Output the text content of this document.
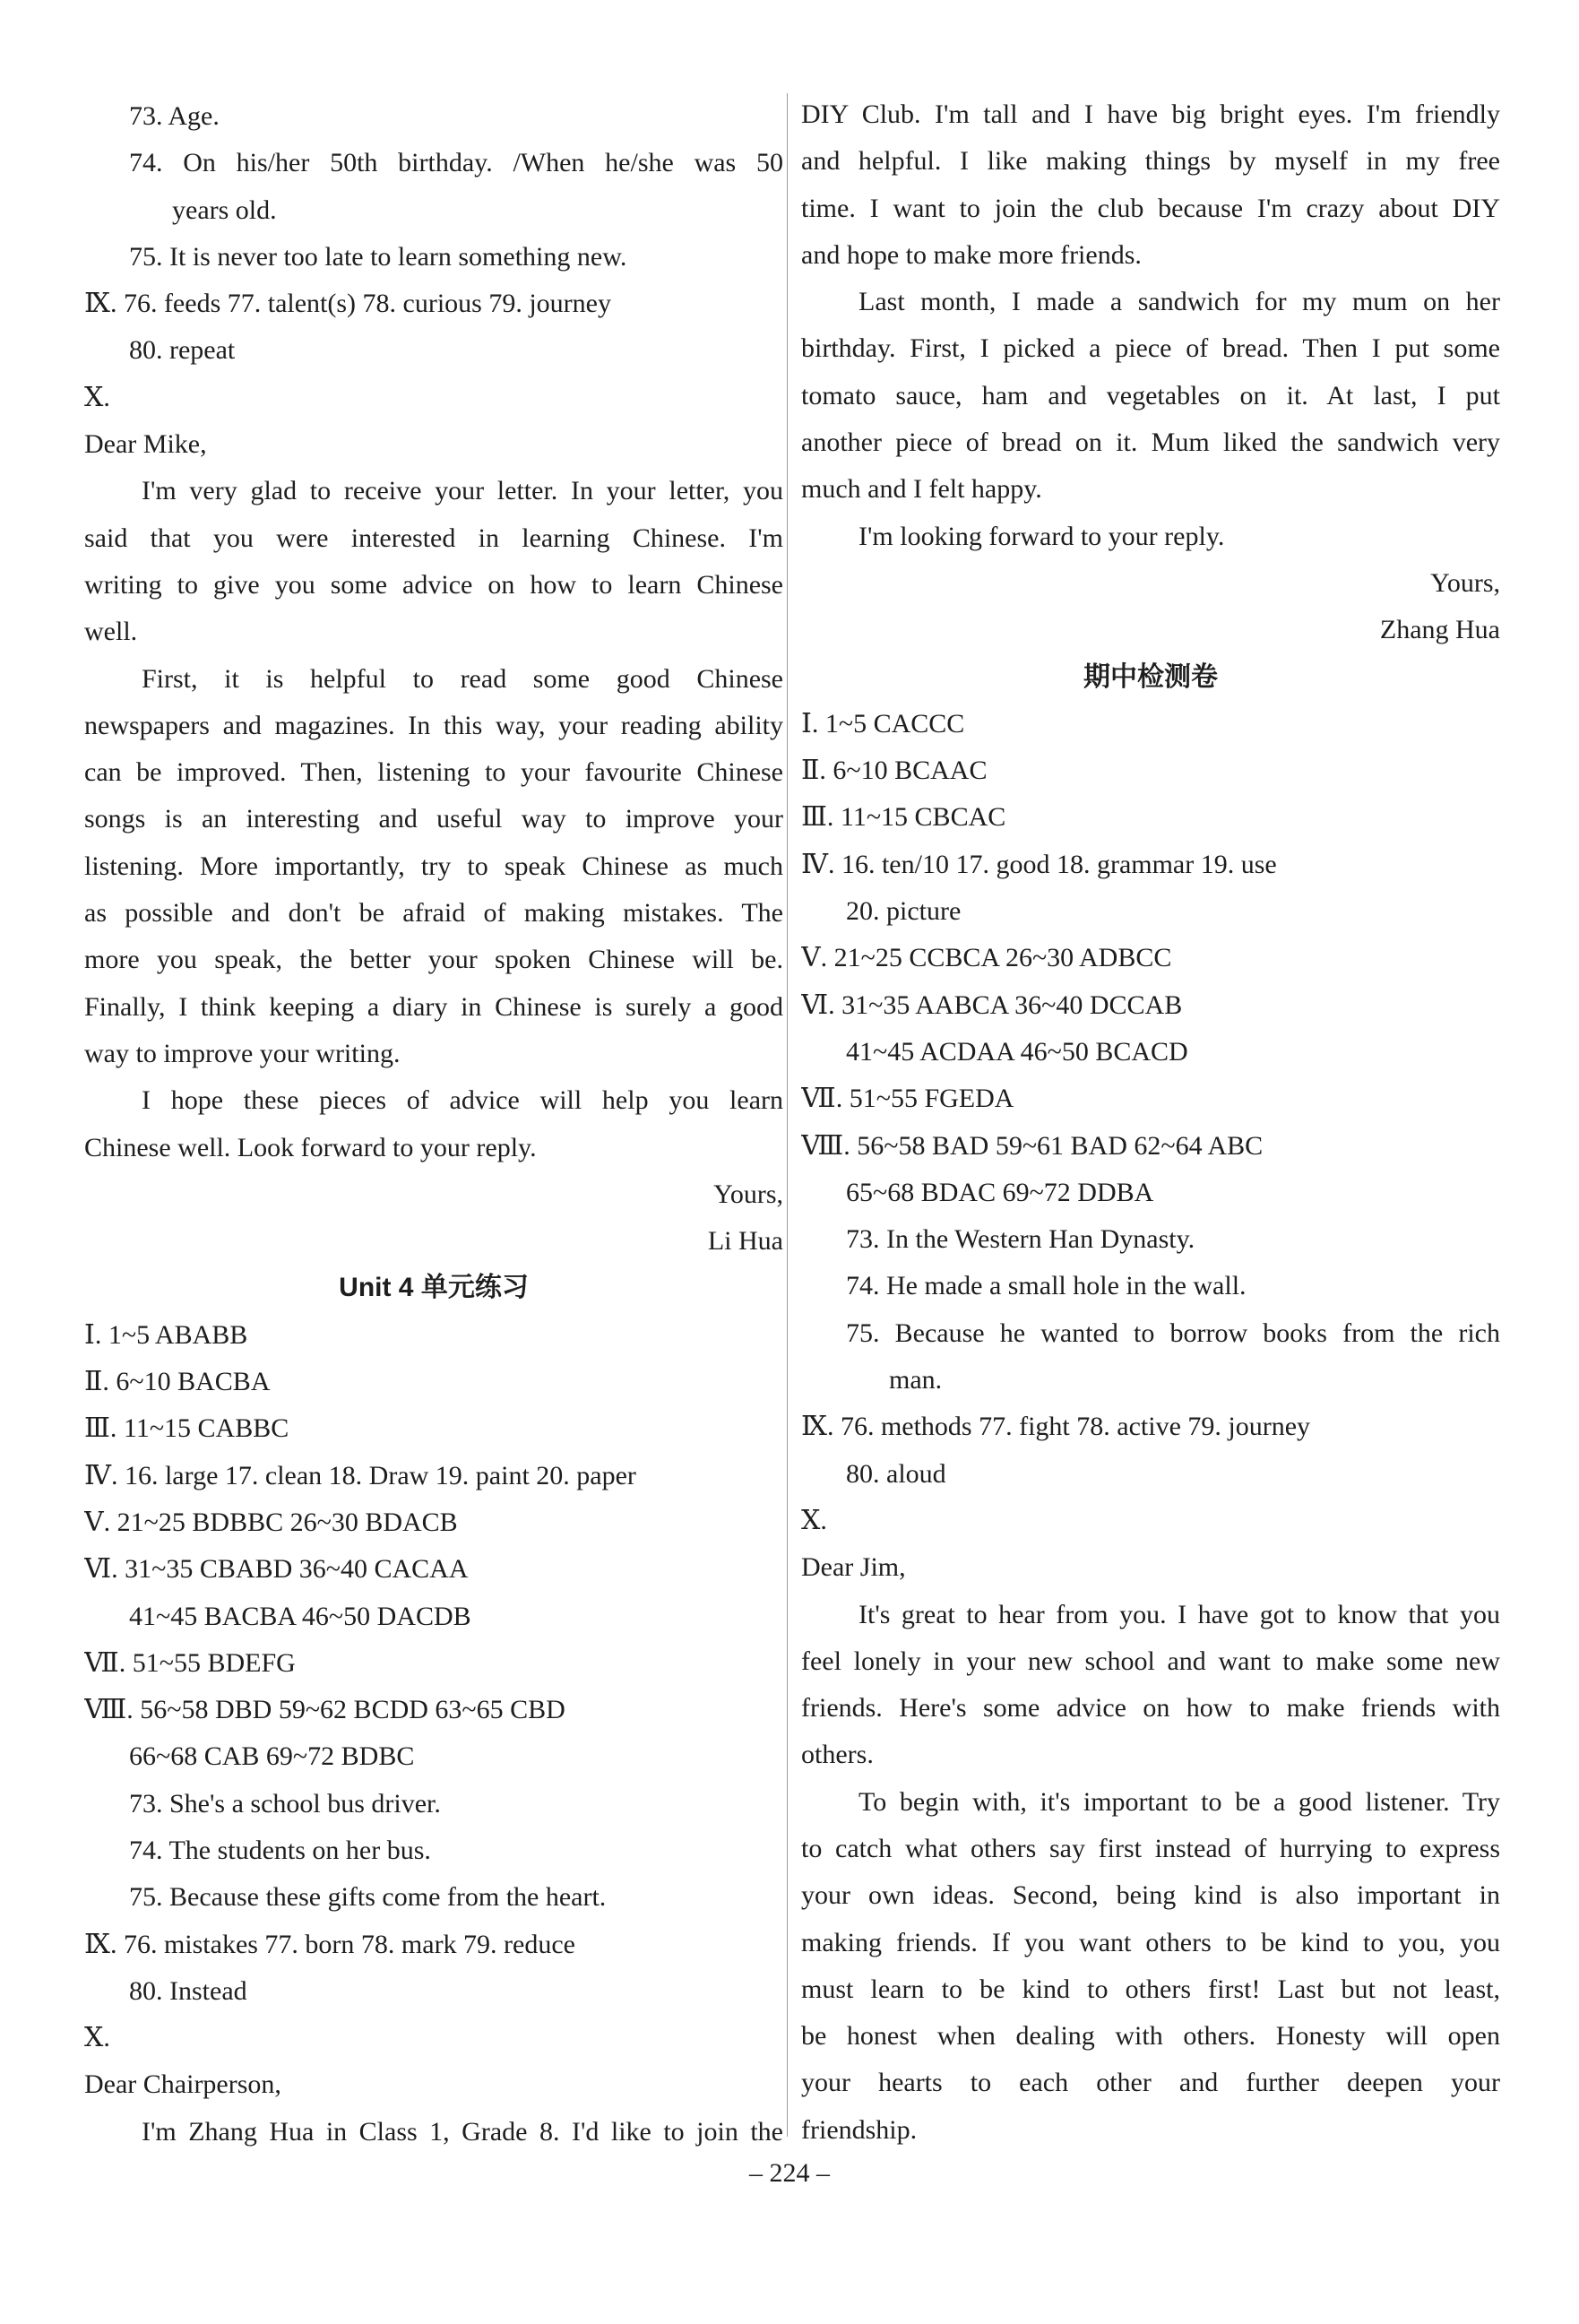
73. Age.
74. On his/her 50th birthday. /When he/she was 50
years old.
75. It is never too late to learn something new.
Ⅸ. 76. feeds 77. talent(s) 78. curious 79. journey
80. repeat
Ⅹ.
Dear Mike,
I'm very glad to receive your letter. In your letter, you
said that you were interested in learning Chinese. I'm
writing to give you some advice on how to learn Chinese
well.
First, it is helpful to read some good Chinese
newspapers and magazines. In this way, your reading ability
can be improved. Then, listening to your favourite Chinese
songs is an interesting and useful way to improve your
listening. More importantly, try to speak Chinese as much
as possible and don't be afraid of making mistakes. The
more you speak, the better your spoken Chinese will be.
Finally, I think keeping a diary in Chinese is surely a good
way to improve your writing.
I hope these pieces of advice will help you learn
Chinese well. Look forward to your reply.
Yours,
Li Hua
Unit 4 单元练习
Ⅰ. 1~5 ABABB
Ⅱ. 6~10 BACBA
Ⅲ. 11~15 CABBC
Ⅳ. 16. large 17. clean 18. Draw 19. paint 20. paper
Ⅴ. 21~25 BDBBC 26~30 BDACB
Ⅵ. 31~35 CBABD 36~40 CACAA
41~45 BACBA 46~50 DACDB
Ⅶ. 51~55 BDEFG
Ⅷ. 56~58 DBD 59~62 BCDD 63~65 CBD
66~68 CAB 69~72 BDBC
73. She's a school bus driver.
74. The students on her bus.
75. Because these gifts come from the heart.
Ⅸ. 76. mistakes 77. born 78. mark 79. reduce
80. Instead
Ⅹ.
Dear Chairperson,
I'm Zhang Hua in Class 1, Grade 8. I'd like to join the
DIY Club. I'm tall and I have big bright eyes. I'm friendly
and helpful. I like making things by myself in my free
time. I want to join the club because I'm crazy about DIY
and hope to make more friends.
Last month, I made a sandwich for my mum on her
birthday. First, I picked a piece of bread. Then I put some
tomato sauce, ham and vegetables on it. At last, I put
another piece of bread on it. Mum liked the sandwich very
much and I felt happy.
I'm looking forward to your reply.
Yours,
Zhang Hua
期中检测卷
Ⅰ. 1~5 CACCC
Ⅱ. 6~10 BCAAC
Ⅲ. 11~15 CBCAC
Ⅳ. 16. ten/10 17. good 18. grammar 19. use
20. picture
Ⅴ. 21~25 CCBCA 26~30 ADBCC
Ⅵ. 31~35 AABCA 36~40 DCCAB
41~45 ACDAA 46~50 BCACD
Ⅶ. 51~55 FGEDA
Ⅷ. 56~58 BAD 59~61 BAD 62~64 ABC
65~68 BDAC 69~72 DDBA
73. In the Western Han Dynasty.
74. He made a small hole in the wall.
75. Because he wanted to borrow books from the rich
man.
Ⅸ. 76. methods 77. fight 78. active 79. journey
80. aloud
Ⅹ.
Dear Jim,
It's great to hear from you. I have got to know that you
feel lonely in your new school and want to make some new
friends. Here's some advice on how to make friends with
others.
To begin with, it's important to be a good listener. Try
to catch what others say first instead of hurrying to express
your own ideas. Second, being kind is also important in
making friends. If you want others to be kind to you, you
must learn to be kind to others first! Last but not least,
be honest when dealing with others. Honesty will open
your hearts to each other and further deepen your
friendship.
– 224 –
